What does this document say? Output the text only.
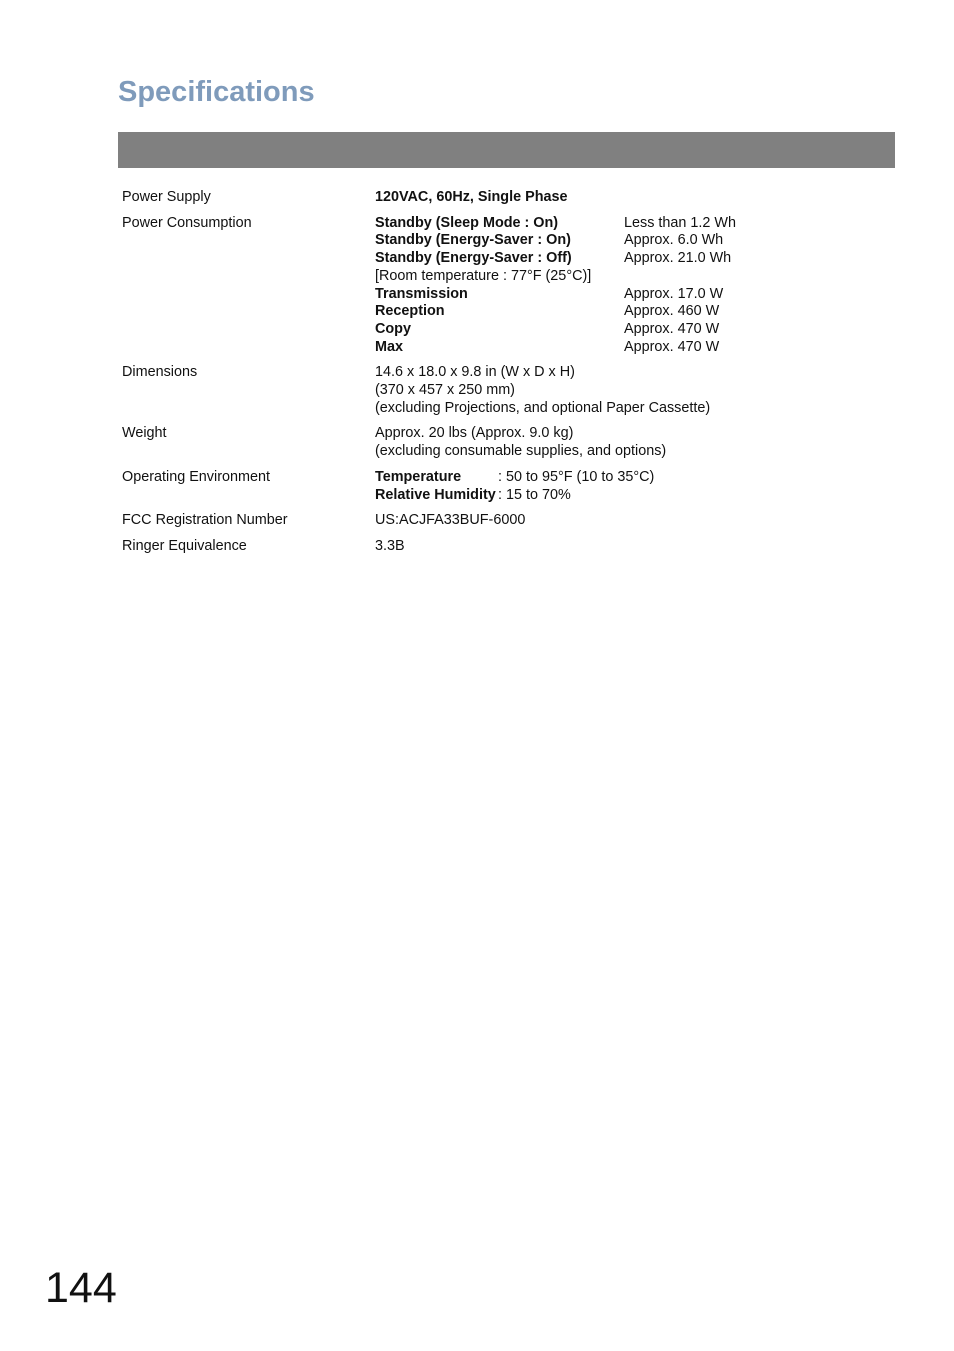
Specifications
Power Supply	120VAC, 60Hz, Single Phase
Power Consumption	Standby (Sleep Mode : On)	Less than 1.2 Wh
Standby (Energy-Saver : On)	Approx. 6.0 Wh
Standby (Energy-Saver : Off)	Approx. 21.0 Wh
[Room temperature : 77°F (25°C)]
Transmission	Approx. 17.0 W
Reception	Approx. 460 W
Copy	Approx. 470 W
Max	Approx. 470 W
Dimensions	14.6 x 18.0 x 9.8 in (W x D x H)
(370 x 457 x 250 mm)
(excluding Projections, and optional Paper Cassette)
Weight	Approx. 20 lbs (Approx. 9.0 kg)
(excluding consumable supplies, and options)
Operating Environment	Temperature	: 50 to 95°F (10 to 35°C)
Relative Humidity : 15 to 70%
FCC Registration Number	US:ACJFA33BUF-6000
Ringer Equivalence	3.3B
144
